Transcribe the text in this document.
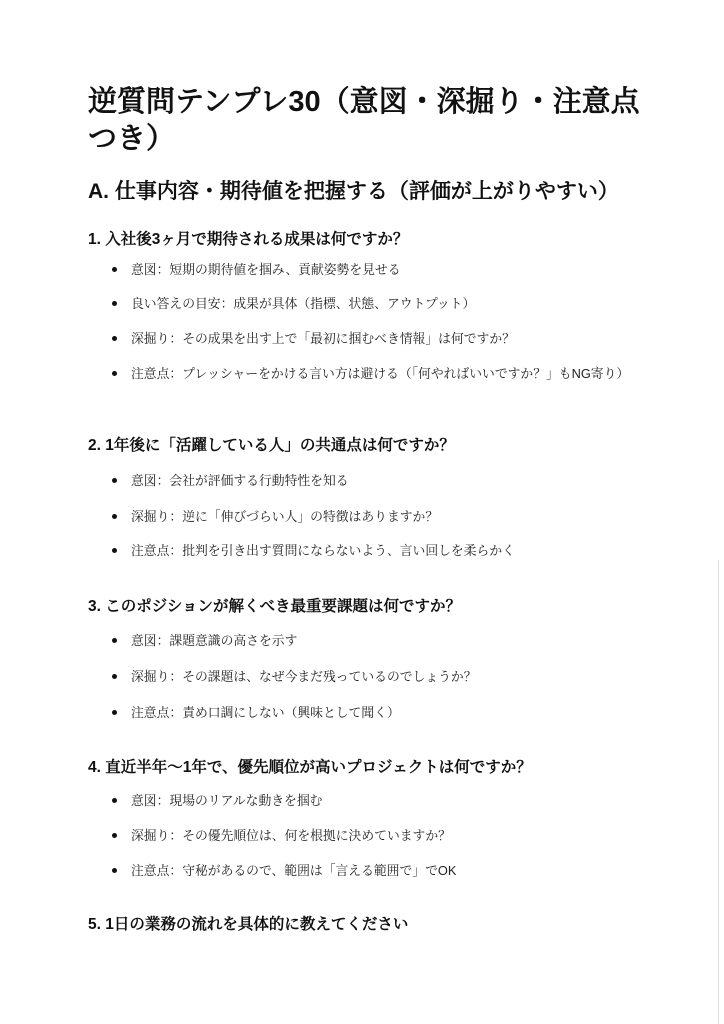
逆質問テンプレ30（意図・深掘り・注意点つき）
A. 仕事内容・期待値を把握する（評価が上がりやすい）
1. 入社後3ヶ月で期待される成果は何ですか？
意図：短期の期待値を掴み、貢献姿勢を見せる
良い答えの目安：成果が具体（指標、状態、アウトプット）
深掘り：その成果を出す上で「最初に掴むべき情報」は何ですか？
注意点：プレッシャーをかける言い方は避ける（「何やればいいですか？」もNG寄り）
2. 1年後に「活躍している人」の共通点は何ですか？
意図：会社が評価する行動特性を知る
深掘り：逆に「伸びづらい人」の特徴はありますか？
注意点：批判を引き出す質問にならないよう、言い回しを柔らかく
3. このポジションが解くべき最重要課題は何ですか？
意図：課題意識の高さを示す
深掘り：その課題は、なぜ今まだ残っているのでしょうか？
注意点：責め口調にしない（興味として聞く）
4. 直近半年〜1年で、優先順位が高いプロジェクトは何ですか？
意図：現場のリアルな動きを掴む
深掘り：その優先順位は、何を根拠に決めていますか？
注意点：守秘があるので、範囲は「言える範囲で」でOK
5. 1日の業務の流れを具体的に教えてください
